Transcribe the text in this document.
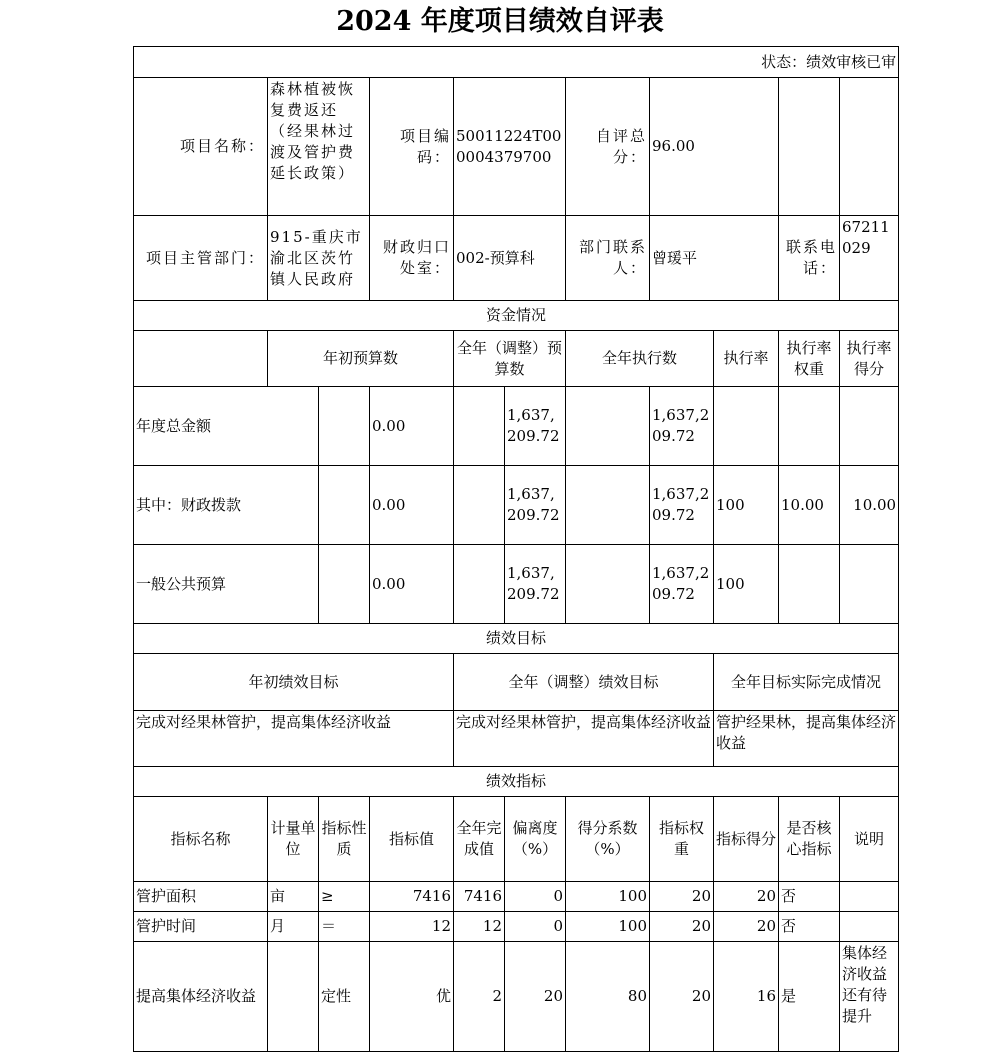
2024 年度项目绩效自评表
状态：绩效审核已审										
项目名称：	森林植被恢复费返还（经果林过渡及管护费延长政策）		项目编码：	50011224T000004379700		自评总分：	96.00			
项目主管部门：	915-重庆市渝北区茨竹镇人民政府		财政归口处室：	002-预算科		部门联系人：	曾瑗平		联系电话：	67211029
资金情况										
	年初预算数			全年（调整）预算数		全年执行数		执行率	执行率权重	执行率得分
年度总金额			0.00		1,637,209.72		1,637,209.72			
其中：财政拨款			0.00		1,637,209.72		1,637,209.72	100	10.00	10.00
一般公共预算			0.00		1,637,209.72		1,637,209.72	100		
绩效目标										
年初绩效目标				全年（调整）绩效目标				全年目标实际完成情况		
完成对经果林管护，提高集体经济收益				完成对经果林管护，提高集体经济收益				管护经果林，提高集体经济收益		
绩效指标										
指标名称	计量单位	指标性质	指标值	全年完成值	偏离度（%）	得分系数（%）	指标权重	指标得分	是否核心指标	说明
管护面积	亩	≥	7416	7416	0	100	20	20	否	
管护时间	月	＝	12	12	0	100	20	20	否	
提高集体经济收益		定性	优	2	20	80	20	16	是	集体经济收益还有待提升
